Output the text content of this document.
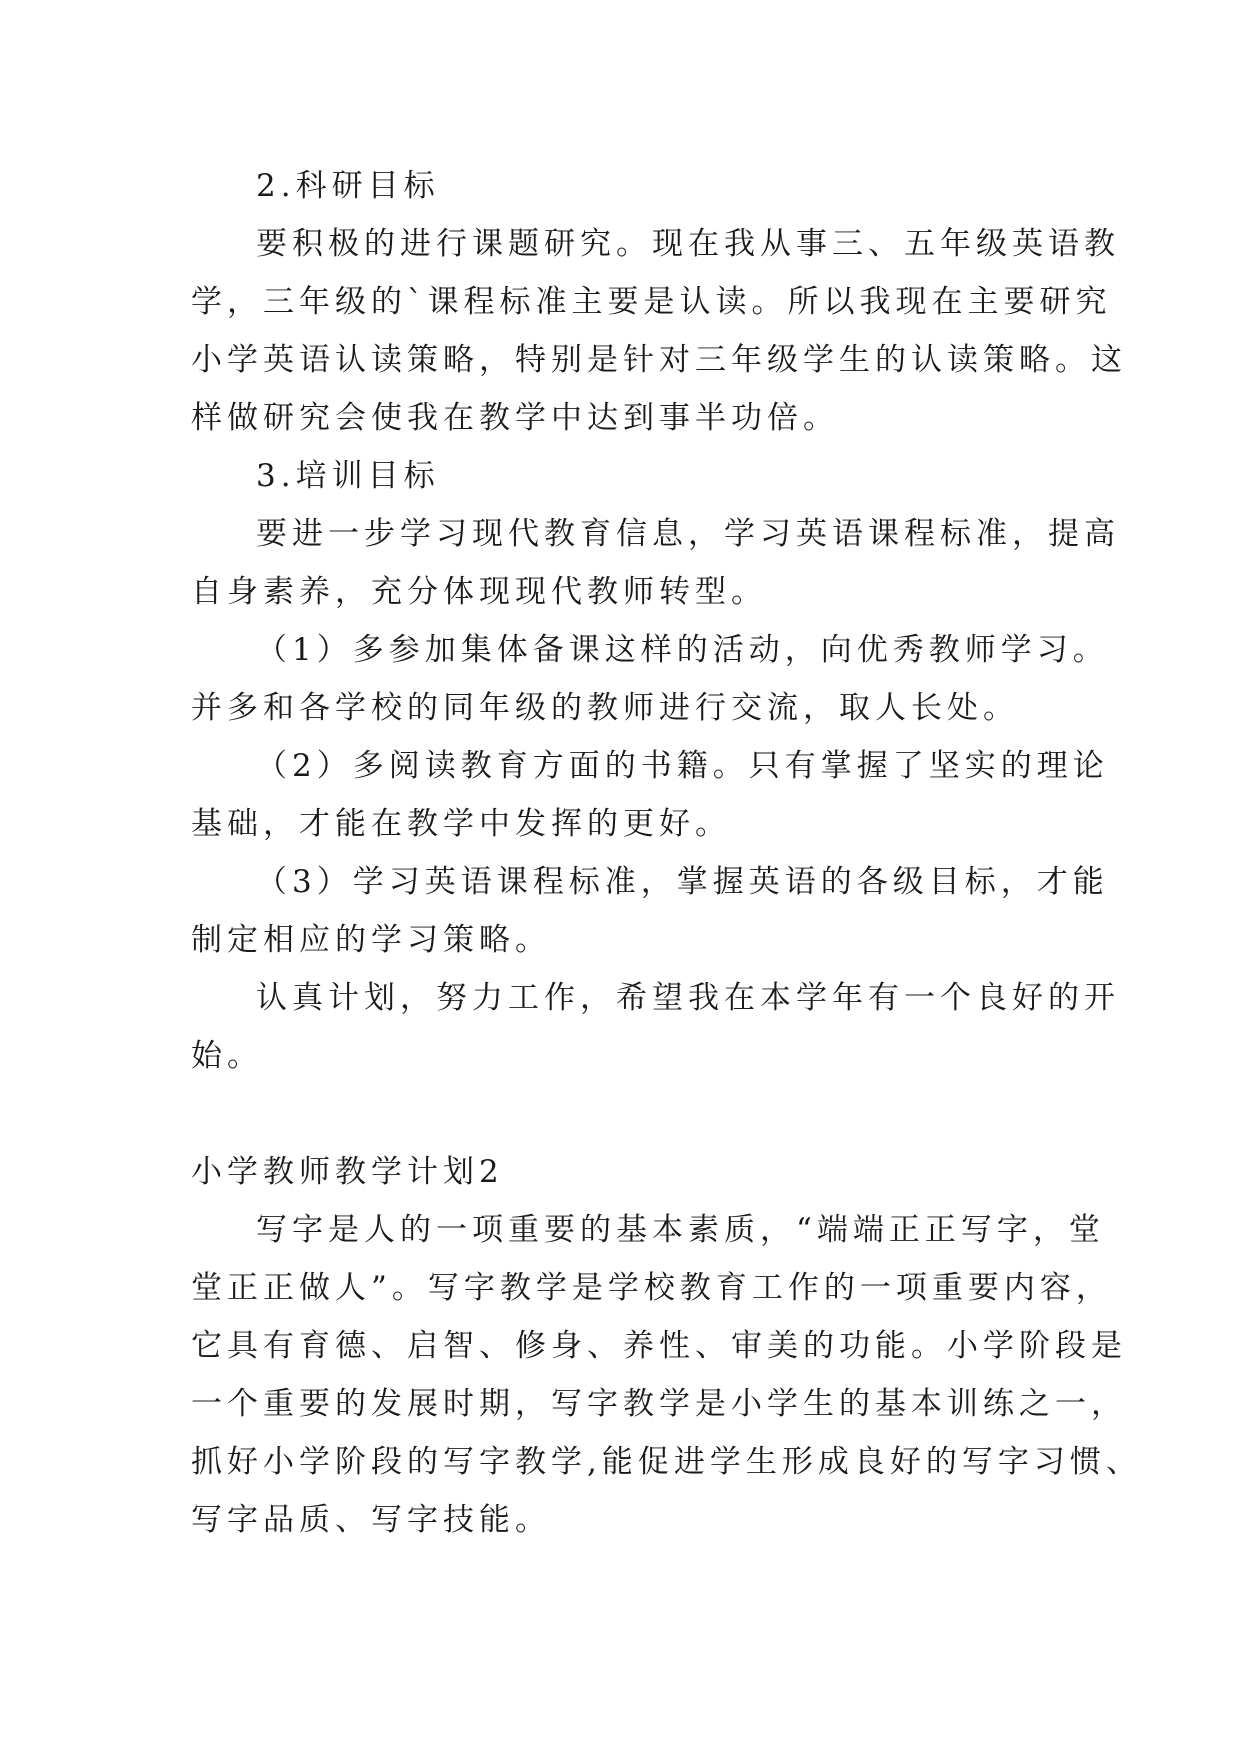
2.科研目标
要积极的进行课题研究。现在我从事三、五年级英语教
学，三年级的`课程标准主要是认读。所以我现在主要研究
小学英语认读策略，特别是针对三年级学生的认读策略。这
样做研究会使我在教学中达到事半功倍。
3.培训目标
要进一步学习现代教育信息，学习英语课程标准，提高
自身素养，充分体现现代教师转型。
（1）多参加集体备课这样的活动，向优秀教师学习。
并多和各学校的同年级的教师进行交流，取人长处。
（2）多阅读教育方面的书籍。只有掌握了坚实的理论
基础，才能在教学中发挥的更好。
（3）学习英语课程标准，掌握英语的各级目标，才能
制定相应的学习策略。
认真计划，努力工作，希望我在本学年有一个良好的开
始。
小学教师教学计划2
写字是人的一项重要的基本素质，“端端正正写字，堂
堂正正做人”。写字教学是学校教育工作的一项重要内容，
它具有育德、启智、修身、养性、审美的功能。小学阶段是
一个重要的发展时期，写字教学是小学生的基本训练之一，
抓好小学阶段的写字教学,能促进学生形成良好的写字习惯、
写字品质、写字技能。
